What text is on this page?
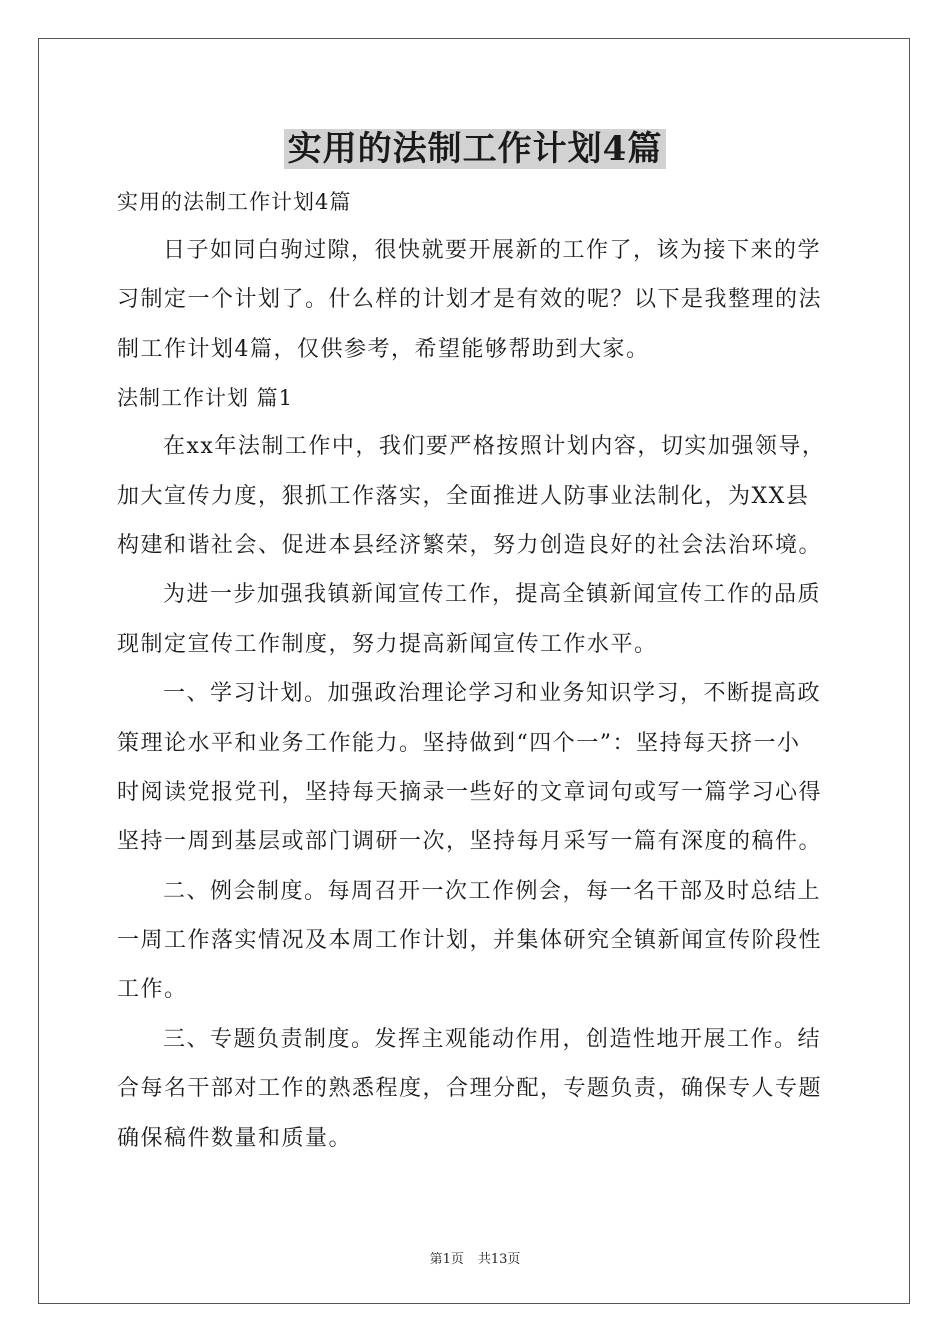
实用的法制工作计划4篇
实用的法制工作计划4篇
日子如同白驹过隙，很快就要开展新的工作了，该为接下来的学
习制定一个计划了。什么样的计划才是有效的呢？以下是我整理的法
制工作计划4篇，仅供参考，希望能够帮助到大家。
法制工作计划 篇1
在xx年法制工作中，我们要严格按照计划内容，切实加强领导，
加大宣传力度，狠抓工作落实，全面推进人防事业法制化，为XX县
构建和谐社会、促进本县经济繁荣，努力创造良好的社会法治环境。
为进一步加强我镇新闻宣传工作，提高全镇新闻宣传工作的品质
现制定宣传工作制度，努力提高新闻宣传工作水平。
一、学习计划。加强政治理论学习和业务知识学习，不断提高政
策理论水平和业务工作能力。坚持做到“四个一”：坚持每天挤一小
时阅读党报党刊，坚持每天摘录一些好的文章词句或写一篇学习心得
坚持一周到基层或部门调研一次，坚持每月采写一篇有深度的稿件。
二、例会制度。每周召开一次工作例会，每一名干部及时总结上
一周工作落实情况及本周工作计划，并集体研究全镇新闻宣传阶段性
工作。
三、专题负责制度。发挥主观能动作用，创造性地开展工作。结
合每名干部对工作的熟悉程度，合理分配，专题负责，确保专人专题
确保稿件数量和质量。
第1页 共13页
